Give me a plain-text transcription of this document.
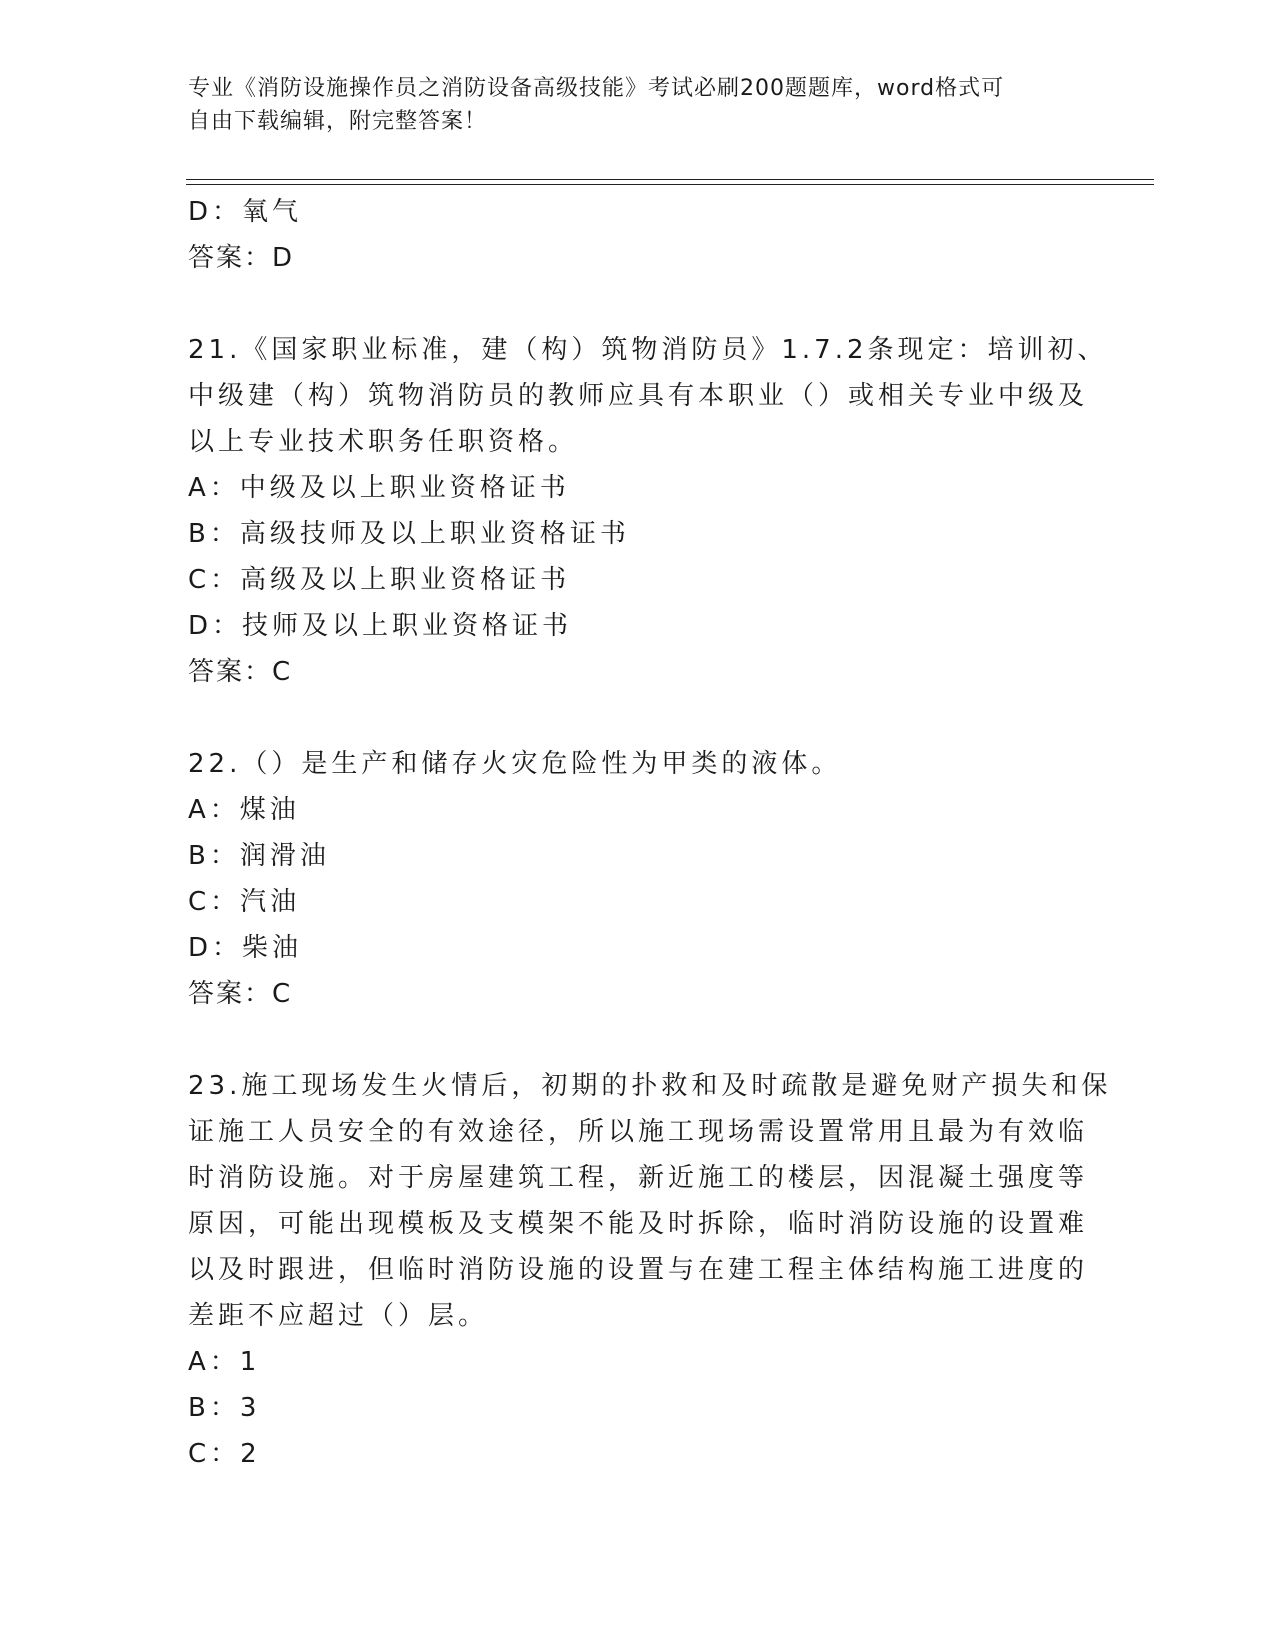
专业《消防设施操作员之消防设备高级技能》考试必刷200题题库，word格式可
自由下载编辑，附完整答案！
D：氧气
答案：D
21.《国家职业标准，建（构）筑物消防员》1.7.2条现定：培训初、
中级建（构）筑物消防员的教师应具有本职业（）或相关专业中级及
以上专业技术职务任职资格。
A：中级及以上职业资格证书
B：高级技师及以上职业资格证书
C：高级及以上职业资格证书
D：技师及以上职业资格证书
答案：C
22.（）是生产和储存火灾危险性为甲类的液体。
A：煤油
B：润滑油
C：汽油
D：柴油
答案：C
23.施工现场发生火情后，初期的扑救和及时疏散是避免财产损失和保
证施工人员安全的有效途径，所以施工现场需设置常用且最为有效临
时消防设施。对于房屋建筑工程，新近施工的楼层，因混凝土强度等
原因，可能出现模板及支模架不能及时拆除，临时消防设施的设置难
以及时跟进，但临时消防设施的设置与在建工程主体结构施工进度的
差距不应超过（）层。
A：1
B：3
C：2
